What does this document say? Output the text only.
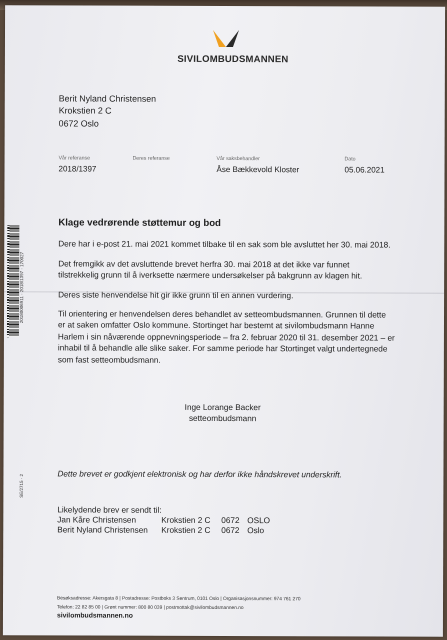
SIVILOMBUDSMANNEN
Berit Nyland Christensen
Krokstien 2 C
0672 Oslo
Vår referanse
2018/1397
Deres referanse	Vår saksbehandler
Åse Bækkevold Kloster
Dato
05.06.2021
20180006911 · 2018/1397 · 170027
SE/2715 · 2
Klage vedrørende støttemur og bod
Dere har i e-post 21. mai 2021 kommet tilbake til en sak som ble avsluttet her 30. mai 2018.
Det fremgikk av det avsluttende brevet herfra 30. mai 2018 at det ikke var funnet
tilstrekkelig grunn til å iverksette nærmere undersøkelser på bakgrunn av klagen hit.
Deres siste henvendelse hit gir ikke grunn til en annen vurdering.
Til orientering er henvendelsen deres behandlet av setteombudsmannen. Grunnen til dette
er at saken omfatter Oslo kommune. Stortinget har bestemt at sivilombudsmann Hanne
Harlem i sin nåværende oppnevningsperiode – fra 2. februar 2020 til 31. desember 2021 – er
inhabil til å behandle alle slike saker. For samme periode har Stortinget valgt undertegnede
som fast setteombudsmann.
Inge Lorange Backer
setteombudsmann
Dette brevet er godkjent elektronisk og har derfor ikke håndskrevet underskrift.
Likelydende brev er sendt til:
Jan Kåre Christensen	Krokstien 2 C 0672 OSLO
Berit Nyland Christensen Krokstien 2 C 0672 Oslo
Besøksadresse: Akersgata 8 | Postadresse: Postboks 3 Sentrum, 0101 Oslo | Organisasjonsnummer: 974 761 270
Telefon: 22 82 85 00 | Grønt nummer: 800 80 039 | postmottak@sivilombudsmannen.no
sivilombudsmannen.no
